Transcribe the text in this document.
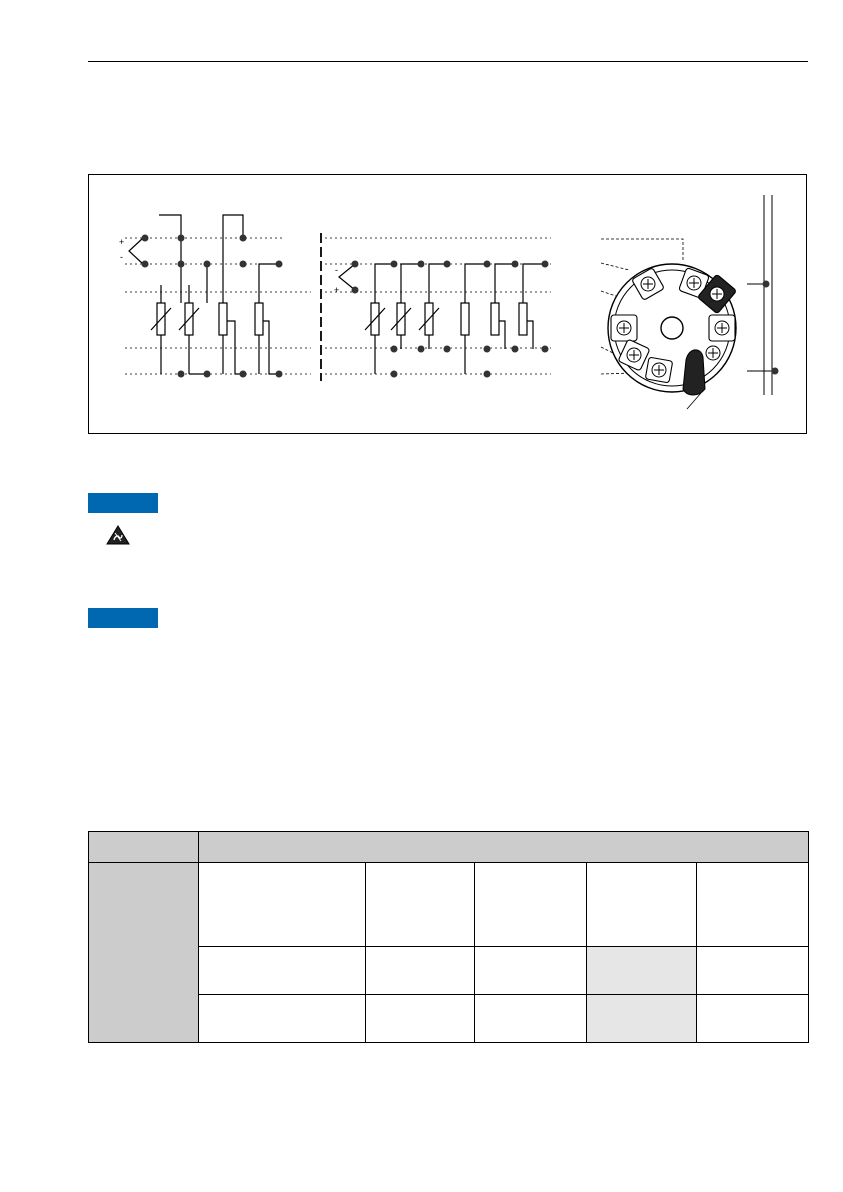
+
-
-
+
